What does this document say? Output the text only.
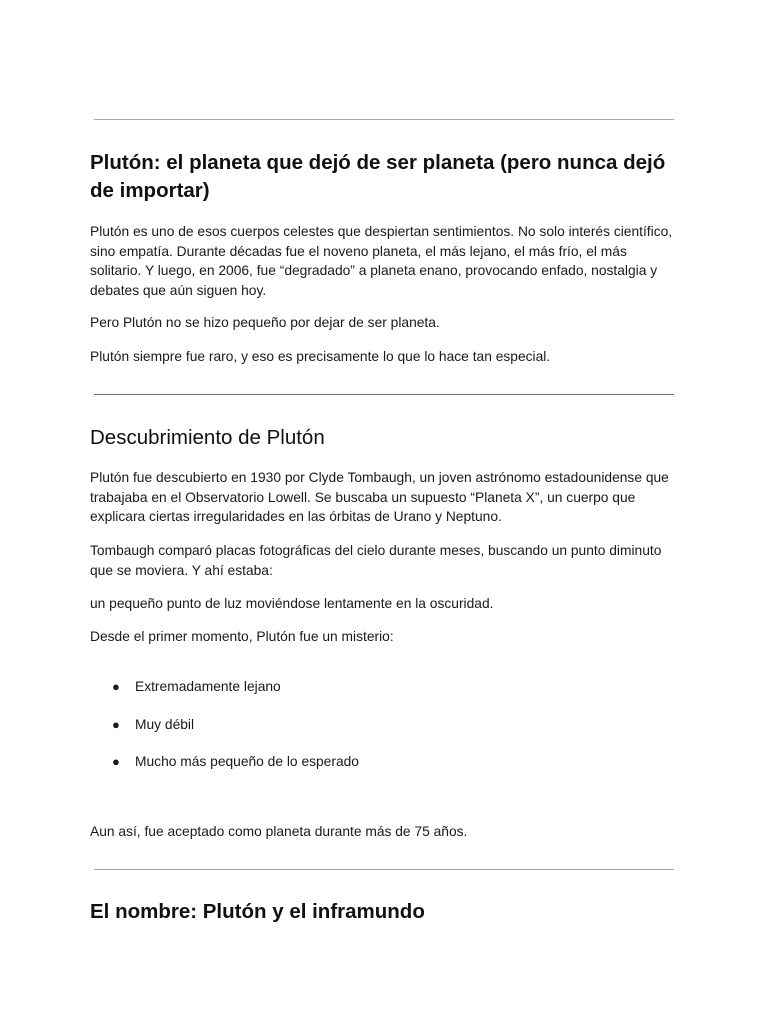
Plutón: el planeta que dejó de ser planeta (pero nunca dejó de importar)

Plutón es uno de esos cuerpos celestes que despiertan sentimientos. No solo interés científico, sino empatía. Durante décadas fue el noveno planeta, el más lejano, el más frío, el más solitario. Y luego, en 2006, fue “degradado” a planeta enano, provocando enfado, nostalgia y debates que aún siguen hoy.

Pero Plutón no se hizo pequeño por dejar de ser planeta.

Plutón siempre fue raro, y eso es precisamente lo que lo hace tan especial.

Descubrimiento de Plutón

Plutón fue descubierto en 1930 por Clyde Tombaugh, un joven astrónomo estadounidense que trabajaba en el Observatorio Lowell. Se buscaba un supuesto “Planeta X”, un cuerpo que explicara ciertas irregularidades en las órbitas de Urano y Neptuno.

Tombaugh comparó placas fotográficas del cielo durante meses, buscando un punto diminuto que se moviera. Y ahí estaba:

un pequeño punto de luz moviéndose lentamente en la oscuridad.

Desde el primer momento, Plutón fue un misterio:

● Extremadamente lejano
● Muy débil
● Mucho más pequeño de lo esperado

Aun así, fue aceptado como planeta durante más de 75 años.

El nombre: Plutón y el inframundo
